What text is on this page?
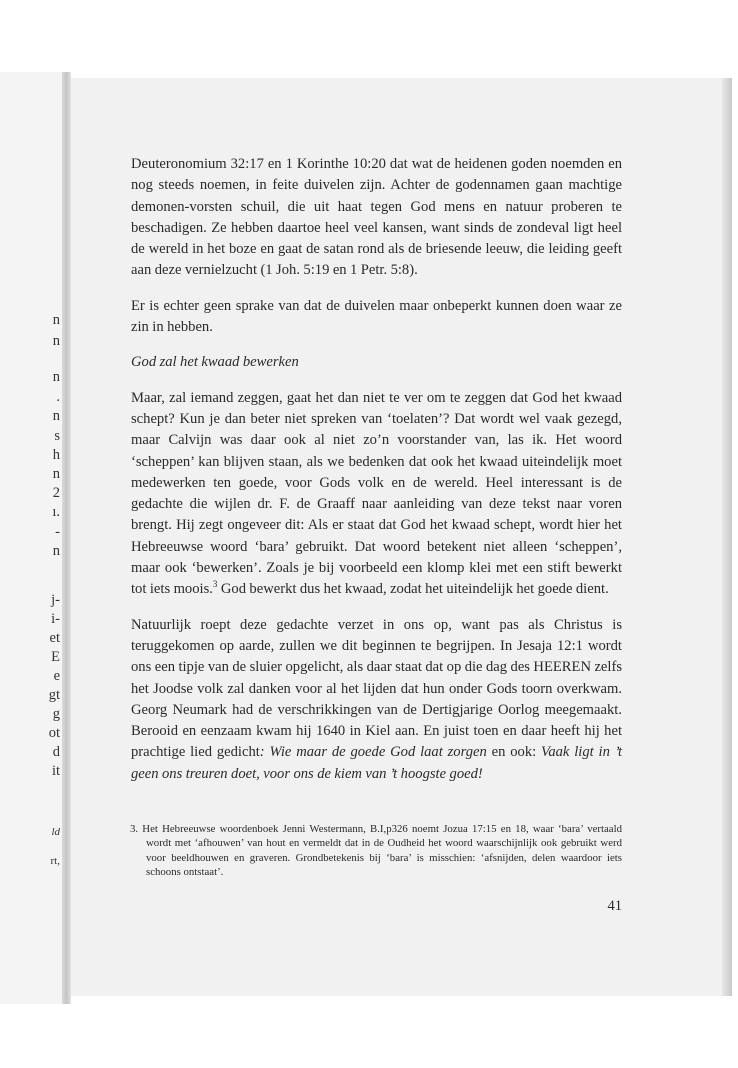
n
n
n
.
n
s
h
n
2
ı.
-
n
j-
i-
et
E
e
gt
g
ot
d
it
ld
rt,

Deuteronomium 32:17 en 1 Korinthe 10:20 dat wat de heidenen goden noemden en nog steeds noemen, in feite duivelen zijn. Achter de godennamen gaan machtige demonen-vorsten schuil, die uit haat tegen God mens en natuur proberen te beschadigen. Ze hebben daartoe heel veel kansen, want sinds de zondeval ligt heel de wereld in het boze en gaat de satan rond als de briesende leeuw, die leiding geeft aan deze vernielzucht (1 Joh. 5:19 en 1 Petr. 5:8).

Er is echter geen sprake van dat de duivelen maar onbeperkt kunnen doen waar ze zin in hebben.

God zal het kwaad bewerken

Maar, zal iemand zeggen, gaat het dan niet te ver om te zeggen dat God het kwaad schept? Kun je dan beter niet spreken van ‘toelaten’? Dat wordt wel vaak gezegd, maar Calvijn was daar ook al niet zo’n voorstander van, las ik. Het woord ‘scheppen’ kan blijven staan, als we bedenken dat ook het kwaad uiteindelijk moet medewerken ten goede, voor Gods volk en de wereld. Heel interessant is de gedachte die wijlen dr. F. de Graaff naar aanleiding van deze tekst naar voren brengt. Hij zegt ongeveer dit: Als er staat dat God het kwaad schept, wordt hier het Hebreeuwse woord ‘bara’ gebruikt. Dat woord betekent niet alleen ‘scheppen’, maar ook ‘bewerken’. Zoals je bij voorbeeld een klomp klei met een stift bewerkt tot iets moois.$^3$ God bewerkt dus het kwaad, zodat het uiteindelijk het goede dient.

Natuurlijk roept deze gedachte verzet in ons op, want pas als Christus is teruggekomen op aarde, zullen we dit beginnen te begrijpen. In Jesaja 12:1 wordt ons een tipje van de sluier opgelicht, als daar staat dat op die dag des HEEREN zelfs het Joodse volk zal danken voor al het lijden dat hun onder Gods toorn overkwam. Georg Neumark had de verschrikkingen van de Dertigjarige Oorlog meegemaakt. Berooid en eenzaam kwam hij 1640 in Kiel aan. En juist toen en daar heeft hij het prachtige lied gedicht: Wie maar de goede God laat zorgen en ook: Vaak ligt in ’t geen ons treuren doet, voor ons de kiem van ’t hoogste goed!

3. Het Hebreeuwse woordenboek Jenni Westermann, B.I,p326 noemt Jozua 17:15 en 18, waar ‘bara’ vertaald wordt met ‘afhouwen’ van hout en vermeldt dat in de Oudheid het woord waarschijnlijk ook gebruikt werd voor beeldhouwen en graveren. Grondbetekenis bij ‘bara’ is misschien: ‘afsnijden, delen waardoor iets schoons ontstaat’.

41
